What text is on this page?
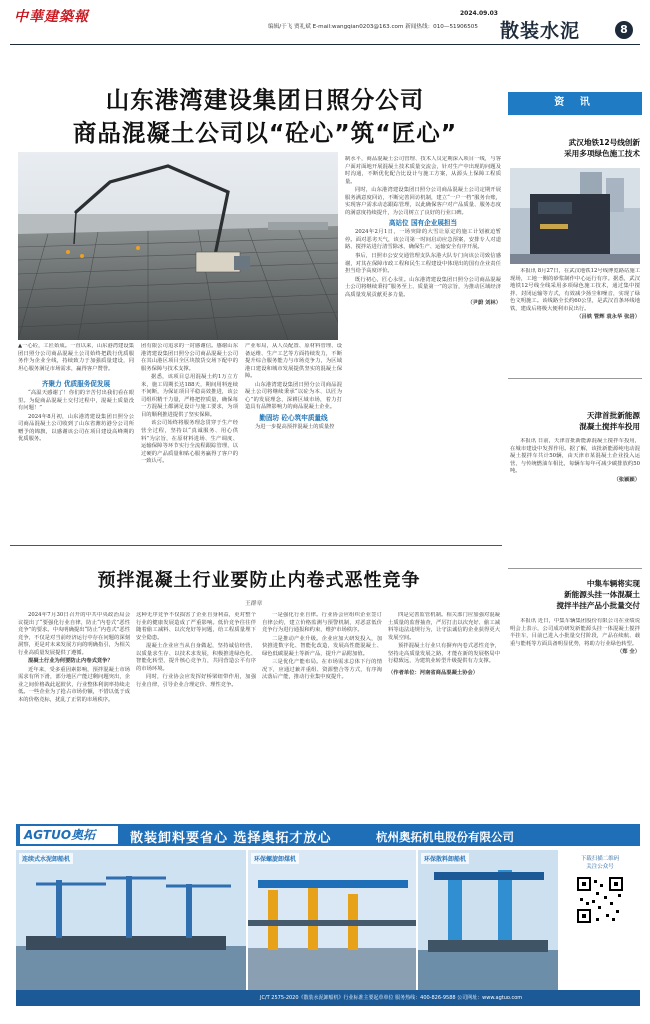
中華建築報	2024.09.03
编辑/于飞 贾礼斌 E-mail:wangqian0203@163.com 新闻热线：010—51906505 散装水泥	8
山东港湾建设集团日照分公司
商品混凝土公司以“砼心”筑“匠心”

▲一心砼，工匠始成。一直以来，山东港湾建设集团日照分公司商品混凝土公司始终把践行优质服务作为企业全线，持续致力于加强质量建设，同坦心服务满足市场需求，赢得客户赞誉。

齐聚力 优质服务促发展

“高温天感谢了！你们的辛苦付出我们看在眼里。为促商品混凝土交付过程中，混凝土质量没有问题！”

2024年8月初，山东港湾建设集团日照分公司商品混凝土公司收到了山东省潍坊港分公司所赠予的锦旗，以感谢该公司在项目建设高峰期的优质服务。

团有限公司追求的一封感谢信。感谢山东港湾建设集团日照分公司商品混凝土公司在其山港区项目全区块散货交场下配中的服务保障与技术支撑。

据悉，该项目总用混凝土约1万立方米，施工周期长达188天，期间用料连续不间断，为保证项目平稳高效推进，该公司组织精干力量，严格把控质量，确保每一方混凝土都满足设计与施工要求，为项目的顺利推进提供了坚实保障。

该公司始终将服务理念贯穿于生产经营全过程，坚持以“真诚服务、用心供料”为宗旨，在原材料进场、生产调度、运输保障等环节实行全流程跟踪管理，以过硬的产品质量和贴心服务赢得了客户的一致认可。

产业布局，从人员配置、原材料管理、设备运维、生产工艺等方面持续发力，不断提升综合服务能力与市场竞争力，为区域港口建设和城市发展提供坚实的混凝土保障。

山东港湾建设集团日照分公司商品混凝土公司将继续秉承“以砼为本、以匠为心”的发展理念，深耕区域市场，着力打造具有品牌影响力的商品混凝土企业。

勤固坊 砼心筑牢质量线

为进一步提高预拌混凝土的质量控

制水平，商品混凝土公司管理、技术人员定期深入项目一线，与客户面对面地开展混凝土技术质量交流会，针对生产中出现的问题及时沟通，不断优化配合比设计与施工方案，从源头上保障工程质量。

同时，山东港湾建设集团日照分公司商品混凝土公司定期开展服务满意度回访，不断完善回访机制，建立“一户一档”服务台账，实现客户需求动态跟踪管理，以此确保客户对产品质量、服务态度的满意度持续提升，为公司树立了良好的行业口碑。

高站位 国有企业展担当

2024年2月1日，一场突降的大雪让原定的施工计划被迫暂停。面对恶劣天气，该公司第一时间启动应急预案，安排专人对道路、搅拌站进行清雪除冰，确保生产、运输安全有序开展。

事后，日照市公安交通管理支队东港大队专门向该公司致信感谢，对其在保障市政工程和民生工程建设中体现出的国有企业责任担当给予高度评价。

既行初心，匠心永驻。山东港湾建设集团日照分公司商品混凝土公司将继续秉持“服务至上、质量第一”的宗旨，为推动区域经济高质量发展贡献更多力量。

（尹蔚 刘林）

资 讯
武汉地铁12号线创新
采用多项绿色施工技术

本报讯 8月27日，在武汉地铁12号线博览路站施工现场，工地一侧的砂浆制作中心运行有序。据悉，武汉地铁12号线全线采用多项绿色施工技术，通过集中搅拌、封闭运输等方式，有效减少扬尘和噪音，实现了绿色文明施工。该线路全长约60公里，是武汉首条环线地铁，建成后将极大便利市民出行。

（吕铁 管辉 袁永华 张岩）

天津首批新能源
混凝土搅拌车投用

本报讯 日前，天津首批新能源混凝土搅拌车投用，在城市建设中发挥作用。据了解，该批新能源纯电动混凝土搅拌车共计50辆，由天津市某混凝土企业投入运营，与传统燃油车相比，每辆车每年可减少碳排放约50吨。

（张颖颖）

中集车辆将实现
新能源头挂一体混凝土
搅拌半挂产品小批量交付

本报讯 近日，中集车辆集团股份有限公司在业绩说明会上表示，公司成功研发新能源头挂一体混凝土搅拌半挂车，目前已进入小批量交付阶段，产品在续航、载重与能耗等方面具备明显优势，将助力行业绿色转型。

（郑 全）

预拌混凝土行业要防止内卷式恶性竞争
王群章

2024年7月30日召开的中共中央政治局会议提出了“要强化行业自律，防止“内卷式”恶性竞争”的要求。中央明确提出“防止“内卷式”恶性竞争，不仅是对当前经济运行中存在问题的深刻洞察，更是对未来发展方向的明确指引，为相关行业高质量发展提供了遵循。

混凝土行业为何要防止内卷式竞争？

近年来，受多重因素影响，预拌混凝土市场需求有所下滑，部分地区产能过剩问题突出，企业之间价格战此起彼伏，行业整体利润率持续走低。一些企业为了抢占市场份额，不惜以低于成本的价格竞标，扰乱了正常的市场秩序。

这种无序竞争不仅损害了企业自身利益，更对整个行业的健康发展造成了严重影响。低价竞争往往伴随着偷工减料、以次充好等问题，给工程质量埋下安全隐患。

混凝土企业应当从自身做起，坚持诚信经营，以质量求生存、以技术求发展，积极推进绿色化、智能化转型，提升核心竞争力，共同营造公平有序的市场环境。

同时，行业协会应发挥好桥梁纽带作用，加强行业自律，引导企业合理定价、理性竞争。

一是强化行业自律。行业协会应组织企业签订自律公约，建立价格监测与预警机制，对恶意低价竞争行为进行通报和约束，维护市场秩序。

二是推动产业升级。企业应加大研发投入，加快推进数字化、智能化改造，发展高性能混凝土、绿色低碳混凝土等新产品，提升产品附加值。

三是优化产能布局。在市场需求总体下行的情况下，应通过兼并重组、资源整合等方式，有序淘汰落后产能，推动行业集中度提升。

四是完善监管机制。相关部门应加强对混凝土质量的监督抽查，严厉打击以次充好、偷工减料等违法违规行为，让守法诚信的企业获得更大发展空间。

预拌混凝土行业只有摒弃内卷式恶性竞争，坚持走高质量发展之路，才能在新的发展格局中行稳致远，为建筑业转型升级提供有力支撑。

（作者单位：河南省商品混凝土协会）

AGTUO奥拓	散装卸料要省心 选择奥拓才放心	杭州奥拓机电股份有限公司
连续式水泥卸船机	环保螺旋卸煤机	环保散料卸船机	下载扫描二维码
关注公众号
JC/T 2575-2020《散装水泥卸船机》行业标准主要起草单位 服务热线：400-826-9588 公司网址：www.agtuo.com
